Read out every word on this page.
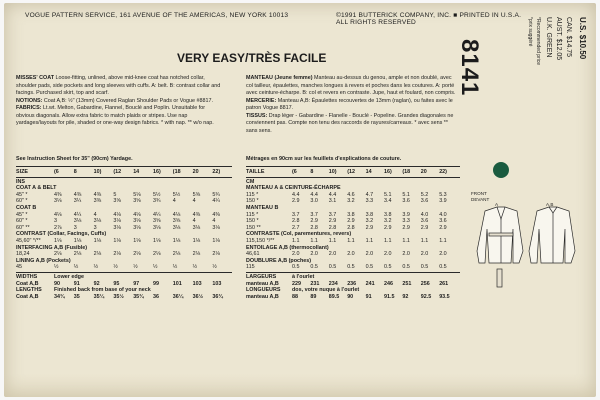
VOGUE PATTERN SERVICE, 161 AVENUE OF THE AMERICAS, NEW YORK 10013	©1991 BUTTERICK COMPANY, INC. ■ PRINTED IN U.S.A.
ALL RIGHTS RESERVED
8141
U.S. $10.50
CAN. $14.75
AUST. $12.05
U.K. GREEN
*Recommended price
*prix suggéré
VERY EASY/TRÈS FACILE
MISSES' COAT Loose-fitting, unlined, above mid-knee coat has notched collar, shoulder pads, side pockets and long sleeves with cuffs. A: belt. B: contrast collar and facings. Purchased skirt, top and scarf.
NOTIONS: Coat A,B: ½" (13mm) Covered Raglan Shoulder Pads or Vogue #8817.
FABRICS: Lt.wt. Melton, Gabardine, Flannel, Bouclé and Poplin. Unsuitable for obvious diagonals. Allow extra fabric to match plaids or stripes. Use nap yardages/layouts for pile, shaded or one-way design fabrics. * with nap. ** w/o nap.
See Instruction Sheet for 35" (90cm) Yardage.
MANTEAU (Jeune femme) Manteau au-dessus du genou, ample et non doublé, avec col tailleur, épaulettes, manches longues à revers et poches dans les coutures. A: porté avec ceinture-écharpe. B: col et revers en contraste. Jupe, haut et foulard, non compris.
MERCERIE: Manteau A,B: Épaulettes recouvertes de 13mm (raglan), ou faites avec le patron Vogue 8817.
TISSUS: Drap léger - Gabardine - Flanelle - Bouclé - Popeline. Grandes diagonales ne conviennent pas. Compte non tenu des raccords de rayures/carreaux. * avec sens ** sans sens.
Métrages en 90cm sur les feuillets d'explications de couture.
SIZE	(6	8	10) (12 14	16) (18 20	22)
INS
COAT A & BELT
45" *	4⅜ 4⅜ 4⅜ 5	5⅛ 5½ 5½ 5⅝ 5¾
60" *	3⅛ 3¼ 3⅜ 3⅝ 3⅝ 3¾ 4	4	4¼
COAT B
45" *	4⅛ 4¼ 4	4⅛ 4⅛ 4¼ 4⅛ 4⅜ 4⅜
60" *	3	3⅛ 3⅛ 3⅛ 3⅛ 3⅝ 3⅝ 4	4
60" **	2⅞ 3	3	3⅛ 3⅛ 3⅛ 3⅛ 3⅛ 3⅛
CONTRAST (Collar, Facings, Cuffs)
45,60" */** 1⅛ 1⅛ 1⅛ 1⅛ 1⅛ 1⅛ 1⅛ 1⅛ 1⅛
INTERFACING A,B (Fusible)
18,24	2⅛ 2⅛ 2⅛ 2⅛ 2⅛ 2⅛ 2⅛ 2⅛ 2⅛
LINING A,B (Pockets)
45	½	½	½	½	½	½	½	½	½
WIDTHS	Lower edge
Coat A,B	90	91	92	95	97	99	101 103 103
LENGTHS Finished back from base of your neck
Coat A,B	34¾ 35	35¼ 35½ 35¾ 36	36¼ 36½ 36¾
TAILLE	(6	8	10) (12 14 16) (18 20 22)
CM
MANTEAU A & CEINTURE-ÉCHARPE
115 *	4.4 4.4 4.4 4.6 4.7 5.1 5.1 5.2 5.3
150 *	2.9 3.0 3.1 3.2 3.3 3.4 3.6 3.6 3.9
MANTEAU B
115 *	3.7 3.7 3.7 3.8 3.8 3.8 3.9 4.0 4.0
150 *	2.8 2.9 2.9 2.9 3.2 3.2 3.3 3.6 3.6
150 **	2.7 2.8 2.8 2.8 2.9 2.9 2.9 2.9 2.9
CONTRASTE (Col, parementures, revers)
115,150 */**	1.1 1.1 1.1 1.1 1.1 1.1 1.1 1.1 1.1
ENTOILAGE A,B (thermocollant)
46,61	2.0 2.0 2.0 2.0 2.0 2.0 2.0 2.0 2.0
DOUBLURE A,B (poches)
115	0.5 0.5 0.5 0.5 0.5 0.5 0.5 0.5 0.5
LARGEURS	à l'ourlet
manteau A,B 229 231 234 236 241 246 251 256 261
LONGUEURS dos, votre nuque à l'ourlet
manteau A,B 88 89 89.5 90 91 91.5 92 92.5 93.5
FRONT
DEVANT
A	A,B
